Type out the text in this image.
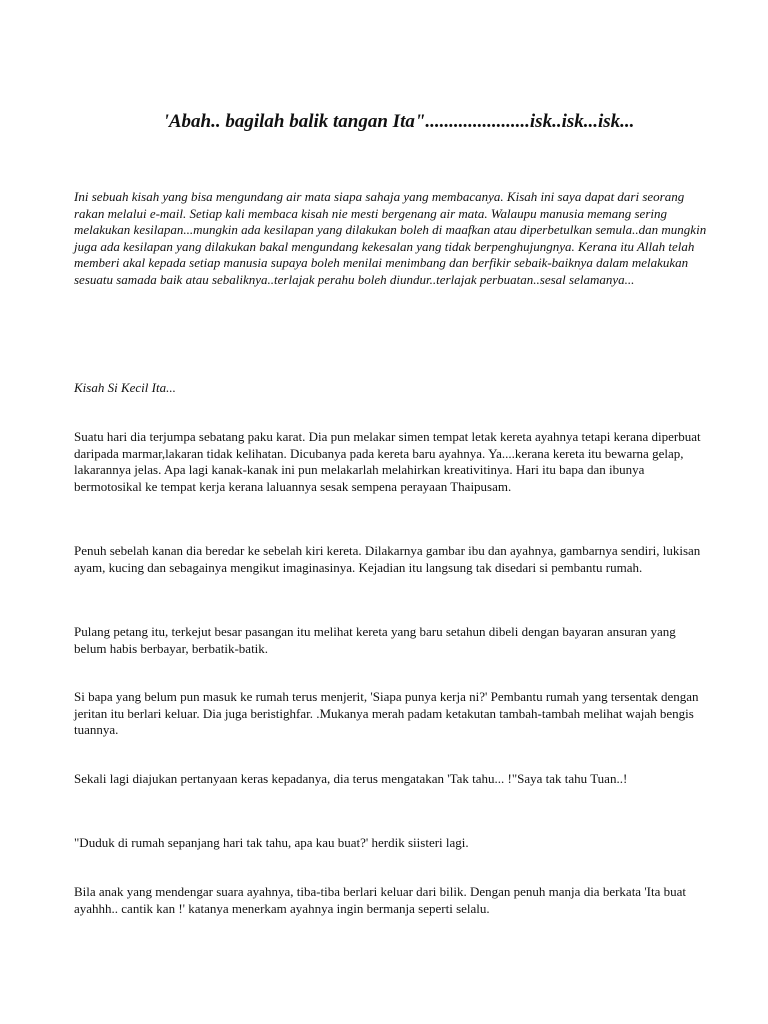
'Abah.. bagilah balik tangan Ita"......................isk..isk...isk...

Ini sebuah kisah yang bisa mengundang air mata siapa sahaja yang membacanya. Kisah ini saya dapat dari seorang rakan melalui e-mail. Setiap kali membaca kisah nie mesti bergenang air mata. Walaupu manusia memang sering melakukan kesilapan...mungkin ada kesilapan yang dilakukan boleh di maafkan atau diperbetulkan semula..dan mungkin juga ada kesilapan yang dilakukan bakal mengundang kekesalan yang tidak berpenghujungnya. Kerana itu Allah telah memberi akal kepada setiap manusia supaya boleh menilai menimbang dan berfikir sebaik-baiknya dalam melakukan sesuatu samada baik atau sebaliknya..terlajak perahu boleh diundur..terlajak perbuatan..sesal selamanya...

Kisah Si Kecil Ita...

Suatu hari dia terjumpa sebatang paku karat. Dia pun melakar simen tempat letak kereta ayahnya tetapi kerana diperbuat daripada marmar,lakaran tidak kelihatan. Dicubanya pada kereta baru ayahnya. Ya....kerana kereta itu bewarna gelap, lakarannya jelas. Apa lagi kanak-kanak ini pun melakarlah melahirkan kreativitinya. Hari itu bapa dan ibunya bermotosikal ke tempat kerja kerana laluannya sesak sempena perayaan Thaipusam.

Penuh sebelah kanan dia beredar ke sebelah kiri kereta. Dilakarnya gambar ibu dan ayahnya, gambarnya sendiri, lukisan ayam, kucing dan sebagainya mengikut imaginasinya. Kejadian itu langsung tak disedari si pembantu rumah.

Pulang petang itu, terkejut besar pasangan itu melihat kereta yang baru setahun dibeli dengan bayaran ansuran yang belum habis berbayar, berbatik-batik.

Si bapa yang belum pun masuk ke rumah terus menjerit, 'Siapa punya kerja ni?' Pembantu rumah yang tersentak dengan jeritan itu berlari keluar. Dia juga beristighfar. .Mukanya merah padam ketakutan tambah-tambah melihat wajah bengis tuannya.

Sekali lagi diajukan pertanyaan keras kepadanya, dia terus mengatakan 'Tak tahu... !"Saya tak tahu Tuan..!

"Duduk di rumah sepanjang hari tak tahu, apa kau buat?' herdik siisteri lagi.

Bila anak yang mendengar suara ayahnya, tiba-tiba berlari keluar dari bilik. Dengan penuh manja dia berkata 'Ita buat ayahhh.. cantik kan !' katanya menerkam ayahnya ingin bermanja seperti selalu.
